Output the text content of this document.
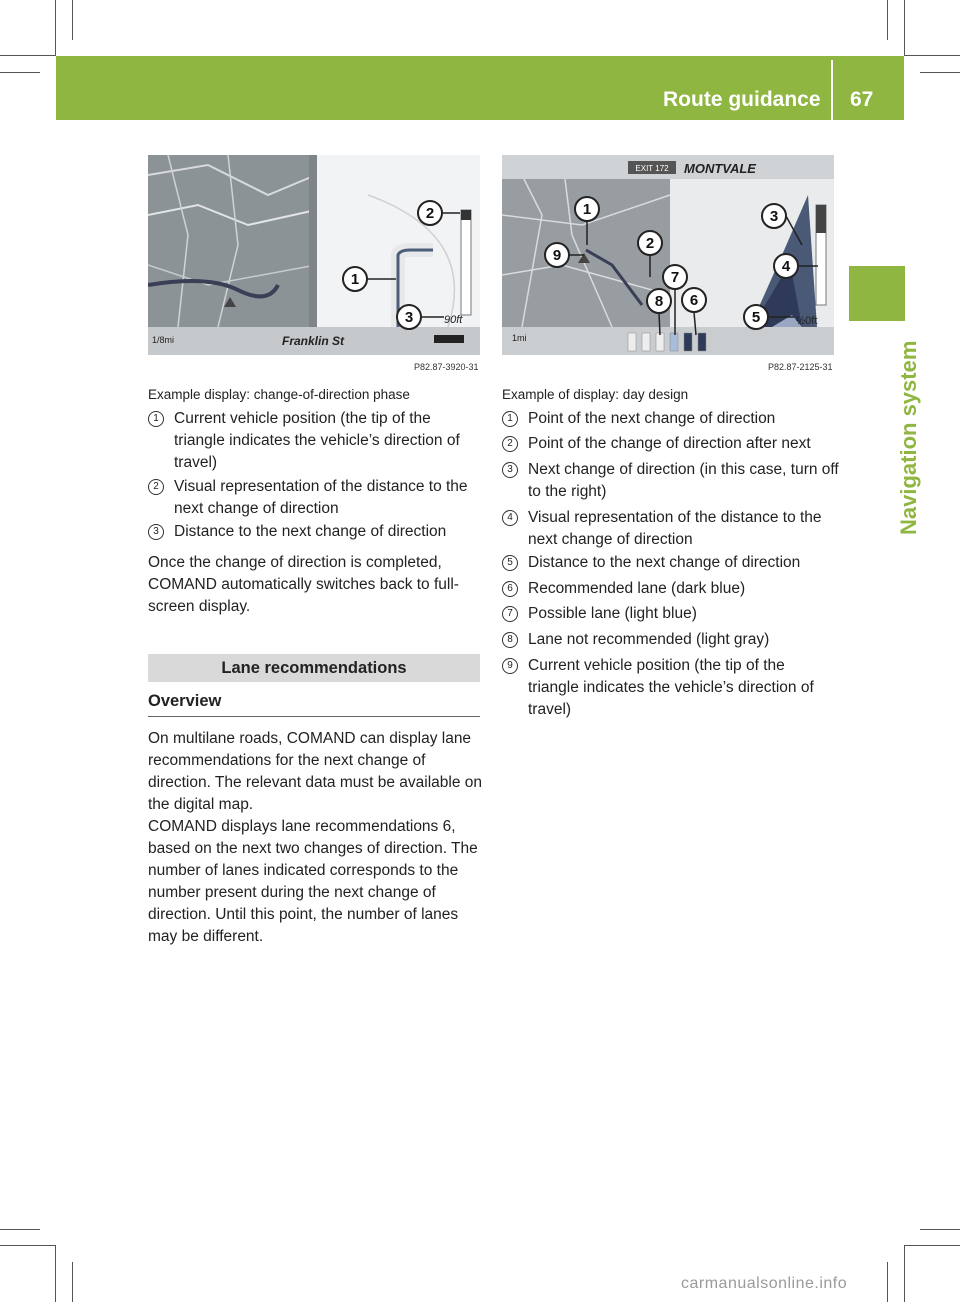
Route guidance 67
Navigation system
1/8mi	Franklin St
90ft
1
2
3
P82.87-3920-31
EXIT 172 MONTVALE
1mi
½0ft
1
2
3
4
5
6
7
8
9
P82.87-2125-31
Example display: change-of-direction phase
1 Current vehicle position (the tip of the triangle indicates the vehicle’s direction of travel)
2 Visual representation of the distance to the next change of direction
3 Distance to the next change of direction
Once the change of direction is completed, COMAND automatically switches back to full-screen display.
Lane recommendations
Overview
On multilane roads, COMAND can display lane recommendations for the next change of direction. The relevant data must be available on the digital map.
COMAND displays lane recommendations 6, based on the next two changes of direction. The number of lanes indicated corresponds to the number present during the next change of direction. Until this point, the number of lanes may be different.
Example of display: day design
1 Point of the next change of direction
2 Point of the change of direction after next
3 Next change of direction (in this case, turn off to the right)
4 Visual representation of the distance to the next change of direction
5 Distance to the next change of direction
6 Recommended lane (dark blue)
7 Possible lane (light blue)
8 Lane not recommended (light gray)
9 Current vehicle position (the tip of the triangle indicates the vehicle’s direction of travel)
carmanualsonline.info
